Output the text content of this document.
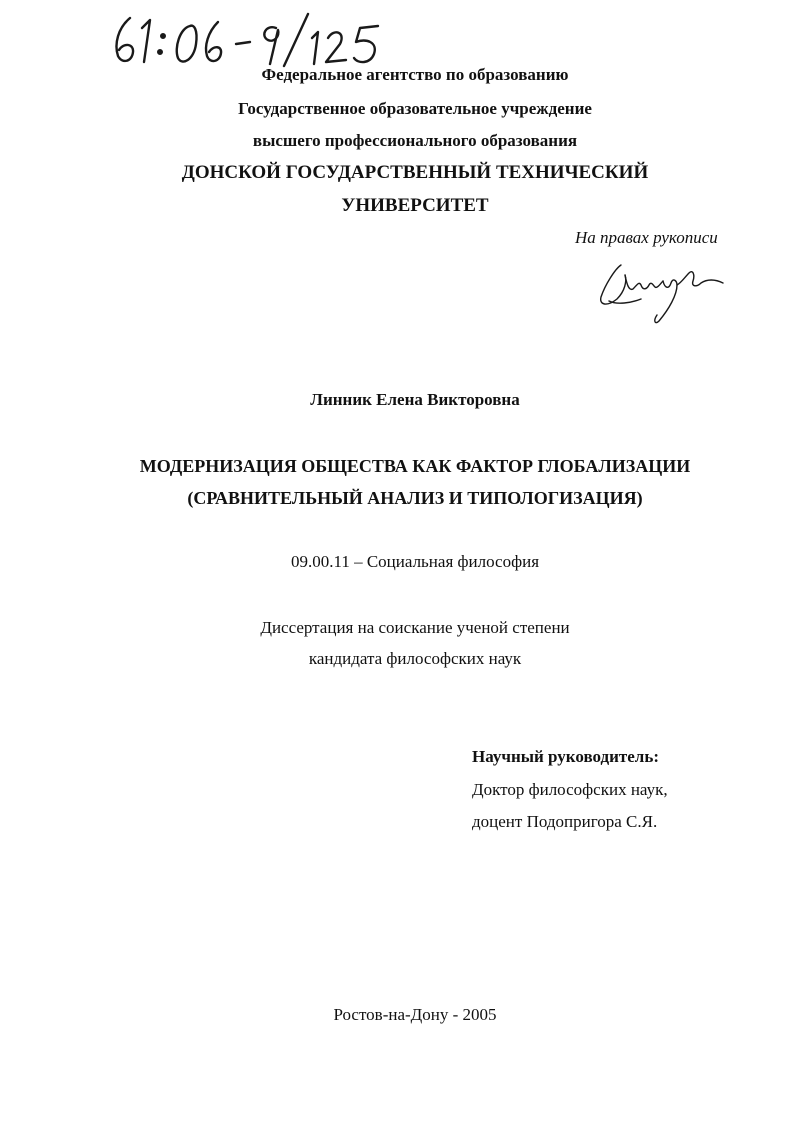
Федеральное агентство по образованию
Государственное образовательное учреждение
высшего профессионального образования
ДОНСКОЙ ГОСУДАРСТВЕННЫЙ ТЕХНИЧЕСКИЙ
УНИВЕРСИТЕТ
На правах рукописи
Линник Елена Викторовна
МОДЕРНИЗАЦИЯ ОБЩЕСТВА КАК ФАКТОР ГЛОБАЛИЗАЦИИ
(СРАВНИТЕЛЬНЫЙ АНАЛИЗ И ТИПОЛОГИЗАЦИЯ)
09.00.11 – Социальная философия
Диссертация на соискание ученой степени
кандидата философских наук
Научный руководитель:
Доктор философских наук,
доцент Подопригора С.Я.
Ростов-на-Дону - 2005
